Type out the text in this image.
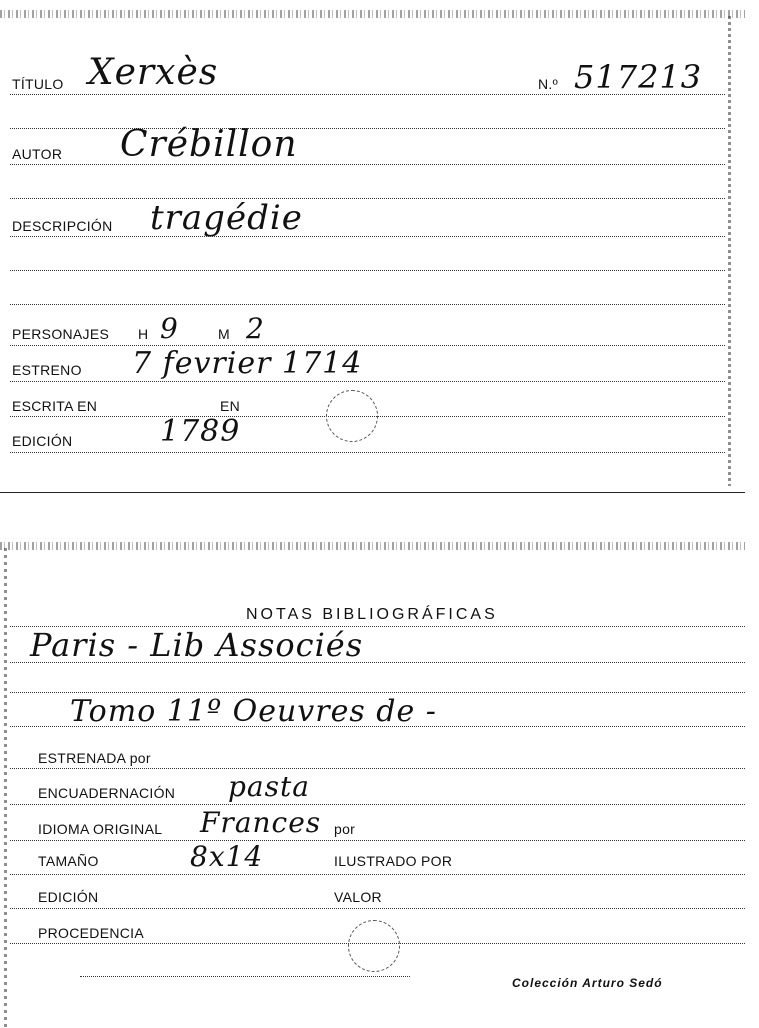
TÍTULO Xerxès	N.º 517213
AUTOR Crébillon
DESCRIPCIÓN tragédie
PERSONAJES H 9	M 2
ESTRENO 7 fevrier 1714
ESCRITA EN	EN
EDICIÓN	1789
NOTAS BIBLIOGRÁFICAS
Paris - Lib Associés
Tomo 11º Oeuvres de -
ESTRENADA por
ENCUADERNACIÓN pasta
IDIOMA ORIGINAL Frances por
TAMAÑO	8x14	ILUSTRADO POR
EDICIÓN	VALOR
PROCEDENCIA
Colección Arturo Sedó
